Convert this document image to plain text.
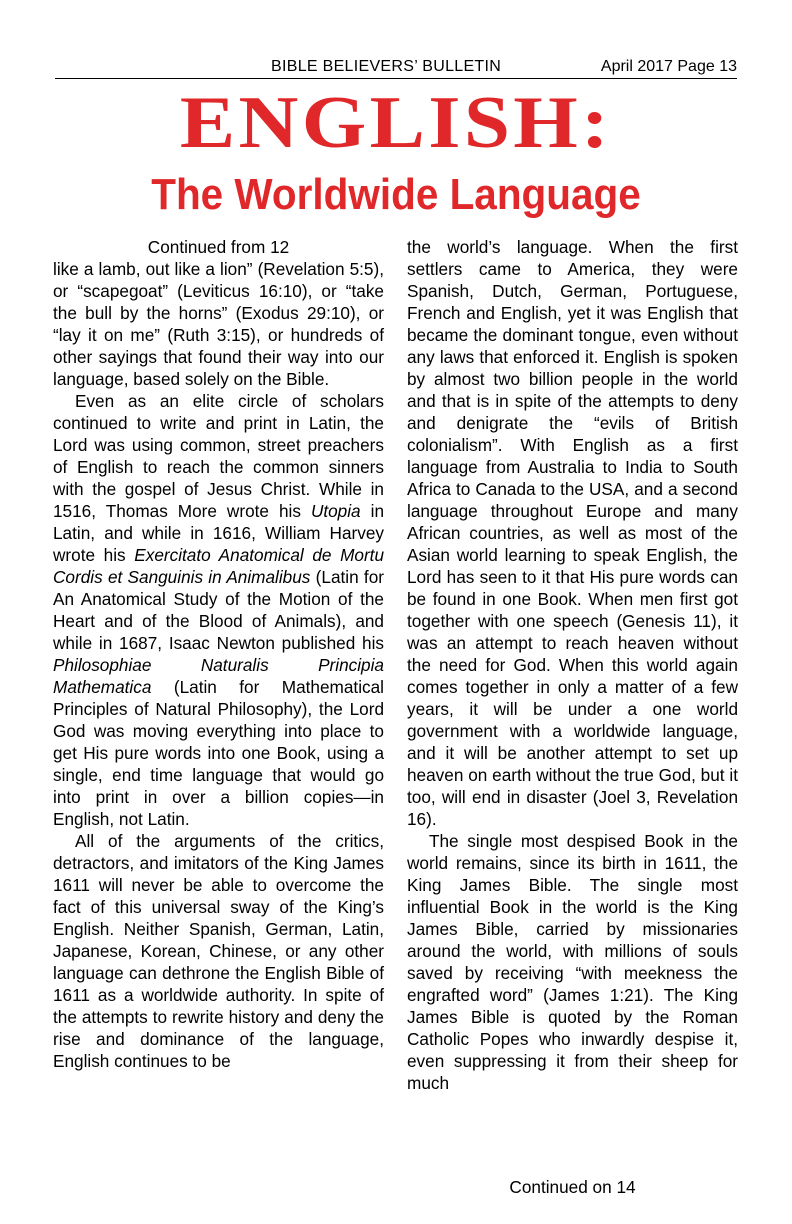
BIBLE BELIEVERS’ BULLETIN	April 2017 Page 13
ENGLISH:
The Worldwide Language
Continued from 12

like a lamb, out like a lion” (Revelation 5:5), or “scapegoat” (Leviticus 16:10), or “take the bull by the horns” (Exodus 29:10), or “lay it on me” (Ruth 3:15), or hundreds of other sayings that found their way into our language, based solely on the Bible.

Even as an elite circle of scholars continued to write and print in Latin, the Lord was using common, street preachers of English to reach the common sinners with the gospel of Jesus Christ. While in 1516, Thomas More wrote his Utopia in Latin, and while in 1616, William Harvey wrote his Exercitato Anatomical de Mortu Cordis et Sanguinis in Animalibus (Latin for An Anatomical Study of the Motion of the Heart and of the Blood of Animals), and while in 1687, Isaac Newton published his Philosophiae Naturalis Principia Mathematica (Latin for Mathematical Principles of Natural Philosophy), the Lord God was moving everything into place to get His pure words into one Book, using a single, end time language that would go into print in over a billion copies—in English, not Latin.

All of the arguments of the critics, detractors, and imitators of the King James 1611 will never be able to overcome the fact of this universal sway of the King’s English. Neither Spanish, German, Latin, Japanese, Korean, Chinese, or any other language can dethrone the English Bible of 1611 as a worldwide authority. In spite of the attempts to rewrite history and deny the rise and dominance of the language, English continues to be

the world’s language. When the first settlers came to America, they were Spanish, Dutch, German, Portuguese, French and English, yet it was English that became the dominant tongue, even without any laws that enforced it. English is spoken by almost two billion people in the world and that is in spite of the attempts to deny and denigrate the “evils of British colonialism”. With English as a first language from Australia to India to South Africa to Canada to the USA, and a second language throughout Europe and many African countries, as well as most of the Asian world learning to speak English, the Lord has seen to it that His pure words can be found in one Book. When men first got together with one speech (Genesis 11), it was an attempt to reach heaven without the need for God. When this world again comes together in only a matter of a few years, it will be under a one world government with a worldwide language, and it will be another attempt to set up heaven on earth without the true God, but it too, will end in disaster (Joel 3, Revelation 16).

The single most despised Book in the world remains, since its birth in 1611, the King James Bible. The single most influential Book in the world is the King James Bible, carried by missionaries around the world, with millions of souls saved by receiving “with meekness the engrafted word” (James 1:21). The King James Bible is quoted by the Roman Catholic Popes who inwardly despise it, even suppressing it from their sheep for much

Continued on 14
